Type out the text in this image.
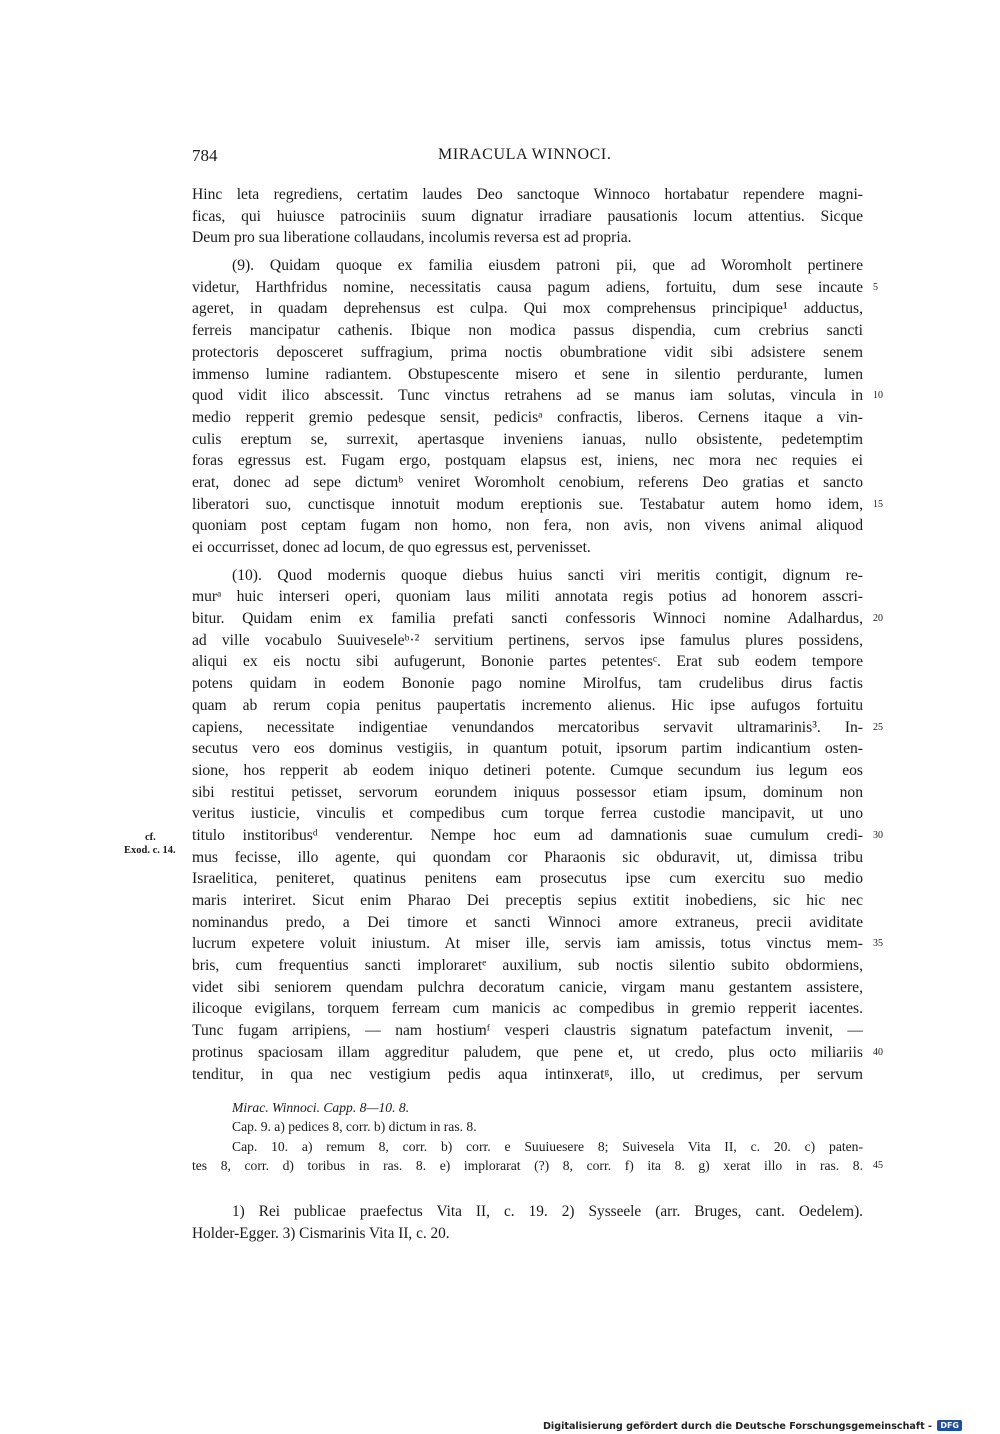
784	MIRACULA WINNOCI.
Hinc leta regrediens, certatim laudes Deo sanctoque Winnoco hortabatur rependere magni-
ficas, qui huiusce patrociniis suum dignatur irradiare pausationis locum attentius. Sicque
Deum pro sua liberatione collaudans, incolumis reversa est ad propria.
(9). Quidam quoque ex familia eiusdem patroni pii, que ad Woromholt pertinere
videtur, Harthfridus nomine, necessitatis causa pagum adiens, fortuitu, dum sese incaute 5
ageret, in quadam deprehensus est culpa. Qui mox comprehensus principique¹ adductus,
ferreis mancipatur cathenis. Ibique non modica passus dispendia, cum crebrius sancti
protectoris deposceret suffragium, prima noctis obumbratione vidit sibi adsistere senem
immenso lumine radiantem. Obstupescente misero et sene in silentio perdurante, lumen
quod vidit ilico abscessit. Tunc vinctus retrahens ad se manus iam solutas, vincula in 10
medio repperit gremio pedesque sensit, pedicisᵃ confractis, liberos. Cernens itaque a vin-
culis ereptum se, surrexit, apertasque inveniens ianuas, nullo obsistente, pedetemptim
foras egressus est. Fugam ergo, postquam elapsus est, iniens, nec mora nec requies ei
erat, donec ad sepe dictumᵇ veniret Woromholt cenobium, referens Deo gratias et sancto
liberatori suo, cunctisque innotuit modum ereptionis sue. Testabatur autem homo idem, 15
quoniam post ceptam fugam non homo, non fera, non avis, non vivens animal aliquod
ei occurrisset, donec ad locum, de quo egressus est, pervenisset.
(10). Quod modernis quoque diebus huius sancti viri meritis contigit, dignum re-
murᵃ huic interseri operi, quoniam laus militi annotata regis potius ad honorem asscri-
bitur. Quidam enim ex familia prefati sancti confessoris Winnoci nomine Adalhardus, 20
ad ville vocabulo Suuiveseleᵇ·² servitium pertinens, servos ipse famulus plures possidens,
aliqui ex eis noctu sibi aufugerunt, Bononie partes petentesᶜ. Erat sub eodem tempore
potens quidam in eodem Bononie pago nomine Mirolfus, tam crudelibus dirus factis
quam ab rerum copia penitus paupertatis incremento alienus. Hic ipse aufugos fortuitu
capiens, necessitate indigentiae venundandos mercatoribus servavit ultramarinis³. In- 25
secutus vero eos dominus vestigiis, in quantum potuit, ipsorum partim indicantium osten-
sione, hos repperit ab eodem iniquo detineri potente. Cumque secundum ius legum eos
sibi restitui petisset, servorum eorundem iniquus possessor etiam ipsum, dominum non
veritus iusticie, vinculis et compedibus cum torque ferrea custodie mancipavit, ut uno
titulo institoribusᵈ venderentur. Nempe hoc eum ad damnationis suae cumulum credi- 30
mus fecisse, illo agente, qui quondam cor Pharaonis sic obduravit, ut, dimissa tribu
Israelitica, peniteret, quatinus penitens eam prosecutus ipse cum exercitu suo medio
maris interiret. Sicut enim Pharao Dei preceptis sepius extitit inobediens, sic hic nec
nominandus predo, a Dei timore et sancti Winnoci amore extraneus, precii aviditate
lucrum expetere voluit iniustum. At miser ille, servis iam amissis, totus vinctus mem- 35
bris, cum frequentius sancti imploraretᵉ auxilium, sub noctis silentio subito obdormiens,
videt sibi seniorem quendam pulchra decoratum canicie, virgam manu gestantem assistere,
ilicoque evigilans, torquem ferream cum manicis ac compedibus in gremio repperit iacentes.
Tunc fugam arripiens, — nam hostiumᶠ vesperi claustris signatum patefactum invenit, —
protinus spaciosam illam aggreditur paludem, que pene et, ut credo, plus octo miliariis 40
tenditur, in qua nec vestigium pedis aqua intinxeratᵍ, illo, ut credimus, per servum
cf.
Exod. c. 14.
Mirac. Winnoci. Capp. 8—10. 8.
Cap. 9. a) pedices 8, corr. b) dictum in ras. 8.
Cap. 10. a) remum 8, corr. b) corr. e Suuiuesere 8; Suivesela Vita II, c. 20. c) paten-
tes 8, corr. d) toribus in ras. 8. e) implorarat (?) 8, corr. f) ita 8. g) xerat illo in ras. 8. 45
1) Rei publicae praefectus Vita II, c. 19. 2) Sysseele (arr. Bruges, cant. Oedelem).
Holder-Egger. 3) Cismarinis Vita II, c. 20.
Digitalisierung gefördert durch die Deutsche Forschungsgemeinschaft - DFG
